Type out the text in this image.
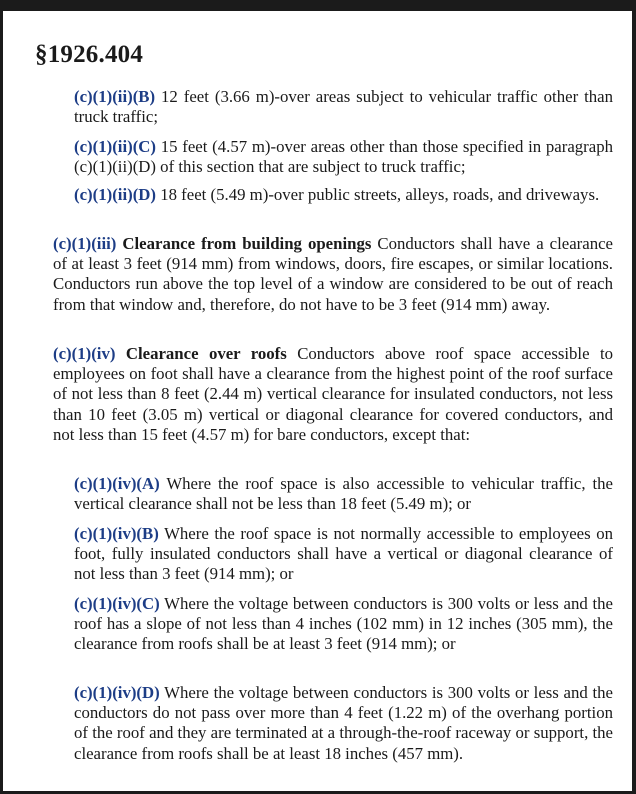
§1926.404

(c)(1)(ii)(B) 12 feet (3.66 m)-over areas subject to vehicular traffic other than truck traffic;

(c)(1)(ii)(C) 15 feet (4.57 m)-over areas other than those specified in paragraph (c)(1)(ii)(D) of this section that are subject to truck traffic;

(c)(1)(ii)(D) 18 feet (5.49 m)-over public streets, alleys, roads, and driveways.

(c)(1)(iii) Clearance from building openings Conductors shall have a clearance of at least 3 feet (914 mm) from windows, doors, fire escapes, or similar locations. Conductors run above the top level of a window are considered to be out of reach from that window and, therefore, do not have to be 3 feet (914 mm) away.

(c)(1)(iv) Clearance over roofs Conductors above roof space accessible to employees on foot shall have a clearance from the highest point of the roof surface of not less than 8 feet (2.44 m) vertical clearance for insulated conductors, not less than 10 feet (3.05 m) vertical or diagonal clearance for covered conductors, and not less than 15 feet (4.57 m) for bare conductors, except that:

(c)(1)(iv)(A) Where the roof space is also accessible to vehicular traffic, the vertical clearance shall not be less than 18 feet (5.49 m); or

(c)(1)(iv)(B) Where the roof space is not normally accessible to employees on foot, fully insulated conductors shall have a vertical or diagonal clearance of not less than 3 feet (914 mm); or

(c)(1)(iv)(C) Where the voltage between conductors is 300 volts or less and the roof has a slope of not less than 4 inches (102 mm) in 12 inches (305 mm), the clearance from roofs shall be at least 3 feet (914 mm); or

(c)(1)(iv)(D) Where the voltage between conductors is 300 volts or less and the conductors do not pass over more than 4 feet (1.22 m) of the overhang portion of the roof and they are terminated at a through-the-roof raceway or support, the clearance from roofs shall be at least 18 inches (457 mm).
